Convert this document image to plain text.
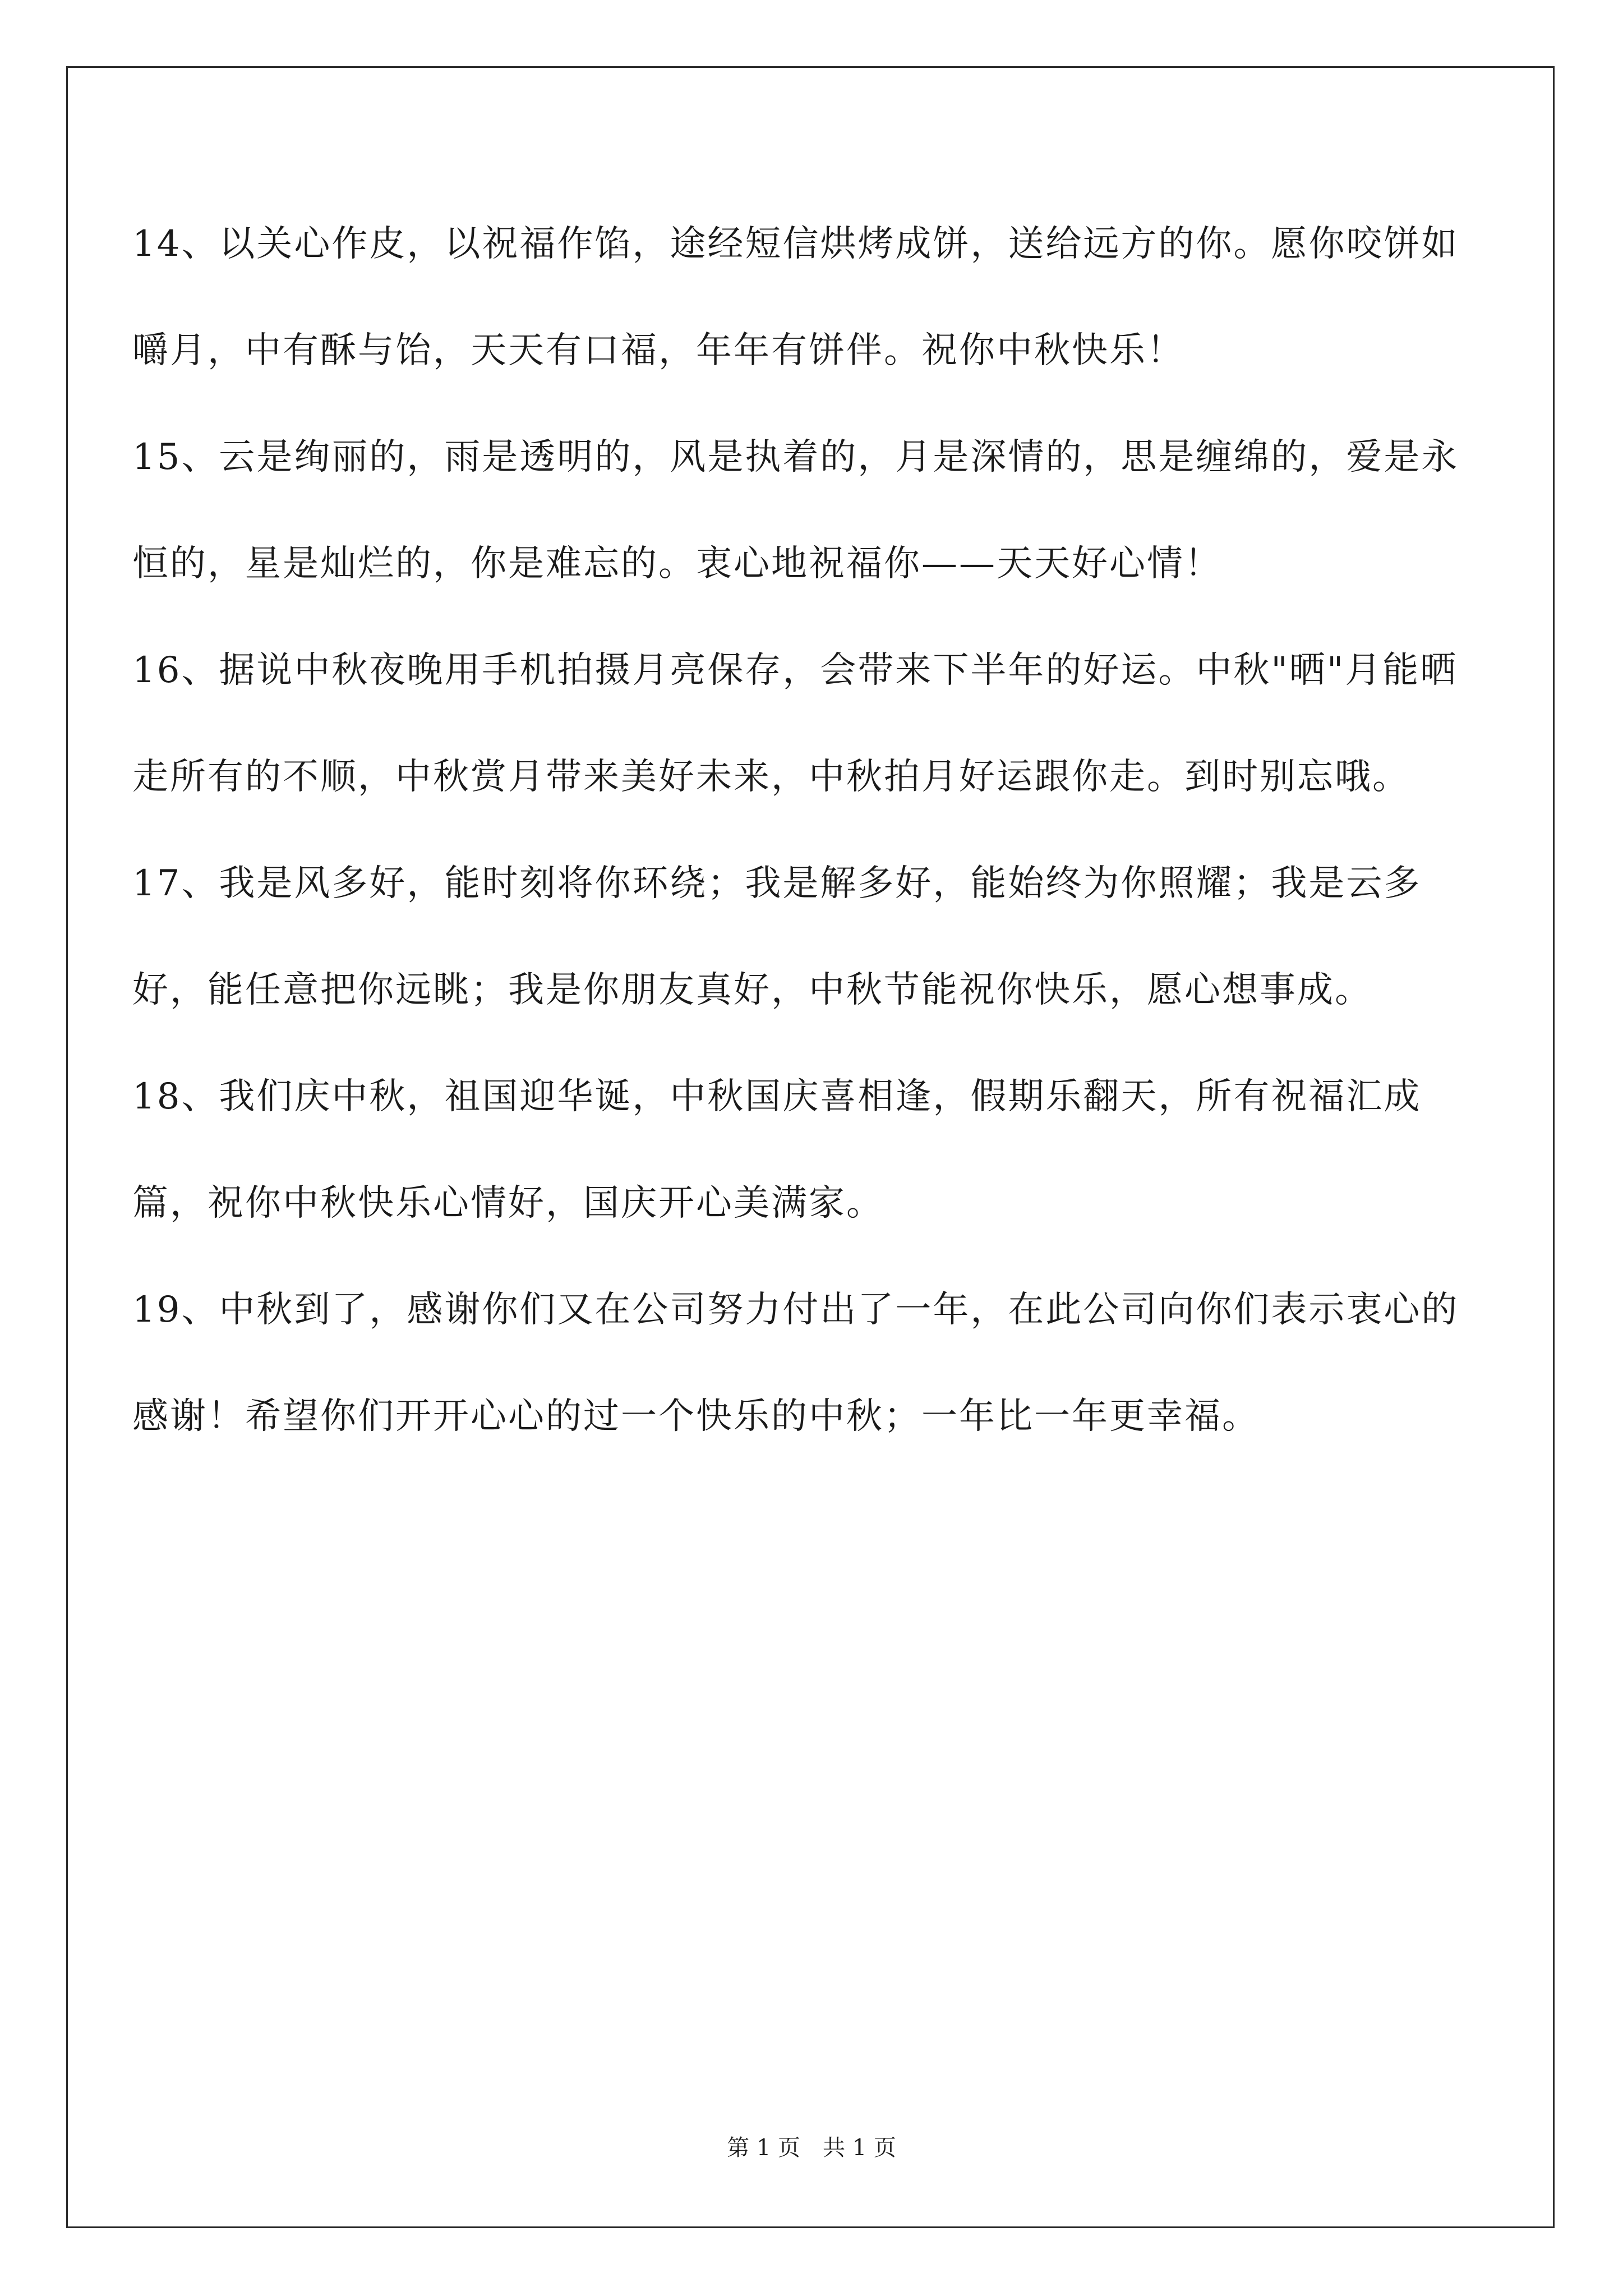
14、以关心作皮，以祝福作馅，途经短信烘烤成饼，送给远方的你。愿你咬饼如嚼月，中有酥与饴，天天有口福，年年有饼伴。祝你中秋快乐！

15、云是绚丽的，雨是透明的，风是执着的，月是深情的，思是缠绵的，爱是永恒的，星是灿烂的，你是难忘的。衷心地祝福你——天天好心情！

16、据说中秋夜晚用手机拍摄月亮保存，会带来下半年的好运。中秋"晒"月能晒走所有的不顺，中秋赏月带来美好未来，中秋拍月好运跟你走。到时别忘哦。

17、我是风多好，能时刻将你环绕；我是解多好，能始终为你照耀；我是云多好，能任意把你远眺；我是你朋友真好，中秋节能祝你快乐，愿心想事成。

18、我们庆中秋，祖国迎华诞，中秋国庆喜相逢，假期乐翻天，所有祝福汇成篇，祝你中秋快乐心情好，国庆开心美满家。

19、中秋到了，感谢你们又在公司努力付出了一年，在此公司向你们表示衷心的感谢！希望你们开开心心的过一个快乐的中秋；一年比一年更幸福。

第 1 页　共 1 页
